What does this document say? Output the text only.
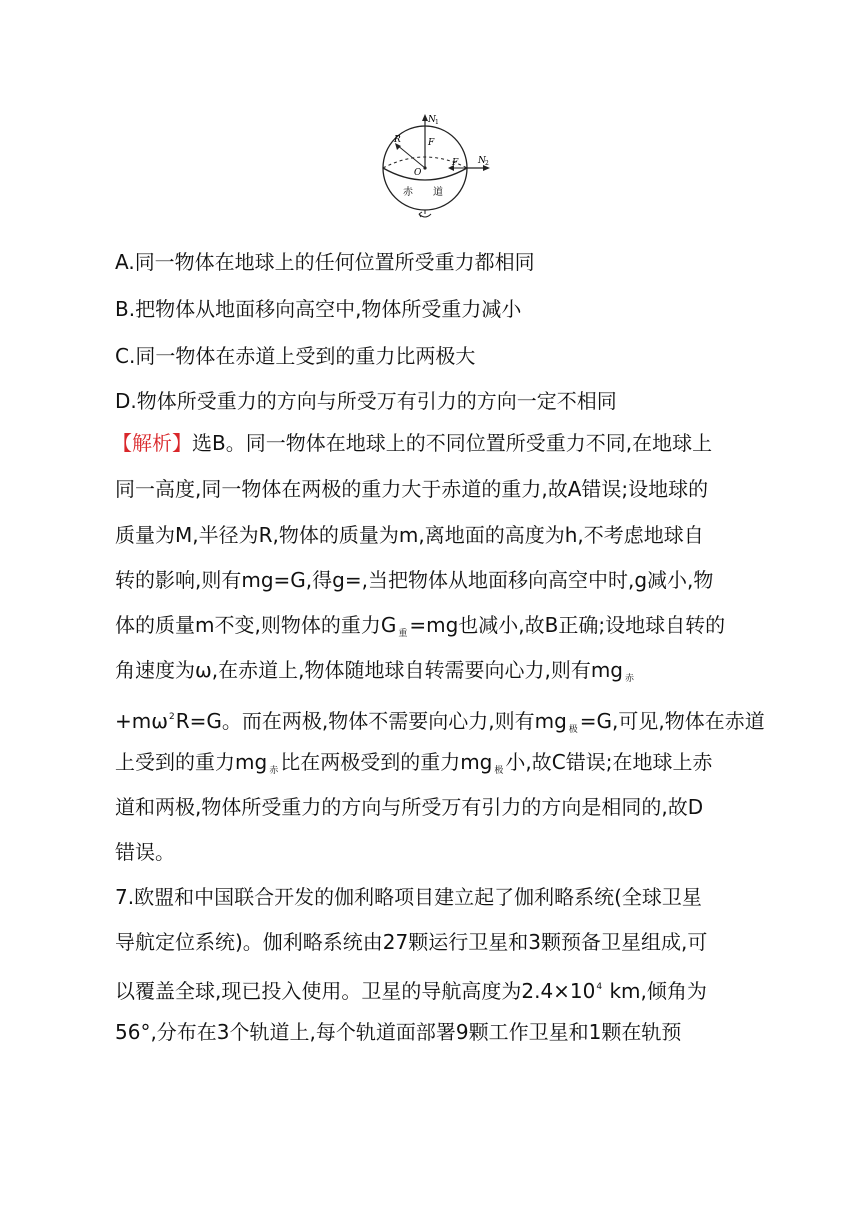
N 1
F
R
O
F N 2
赤 道
A.同一物体在地球上的任何位置所受重力都相同
B.把物体从地面移向高空中,物体所受重力减小
C.同一物体在赤道上受到的重力比两极大
D.物体所受重力的方向与所受万有引力的方向一定不相同
【解析】选B。同一物体在地球上的不同位置所受重力不同,在地球上
同一高度,同一物体在两极的重力大于赤道的重力,故A错误;设地球的
质量为M,半径为R,物体的质量为m,离地面的高度为h,不考虑地球自
转的影响,则有mg=G,得g=,当把物体从地面移向高空中时,g减小,物
体的质量m不变,则物体的重力G $_重$ =mg也减小,故B正确;设地球自转的
角速度为ω,在赤道上,物体随地球自转需要向心力,则有mg $_赤$
$+m\omega^2R=G$。而在两极,物体不需要向心力,则有mg $_极$ =G,可见,物体在赤道
上受到的重力mg $_赤$ 比在两极受到的重力mg $_极$ 小,故C错误;在地球上赤
道和两极,物体所受重力的方向与所受万有引力的方向是相同的,故D
错误。
7.欧盟和中国联合开发的伽利略项目建立起了伽利略系统(全球卫星
导航定位系统)。伽利略系统由27颗运行卫星和3颗预备卫星组成,可
以覆盖全球,现已投入使用。卫星的导航高度为$2.4\times 10^4$ km,倾角为
56°,分布在3个轨道上,每个轨道面部署9颗工作卫星和1颗在轨预
